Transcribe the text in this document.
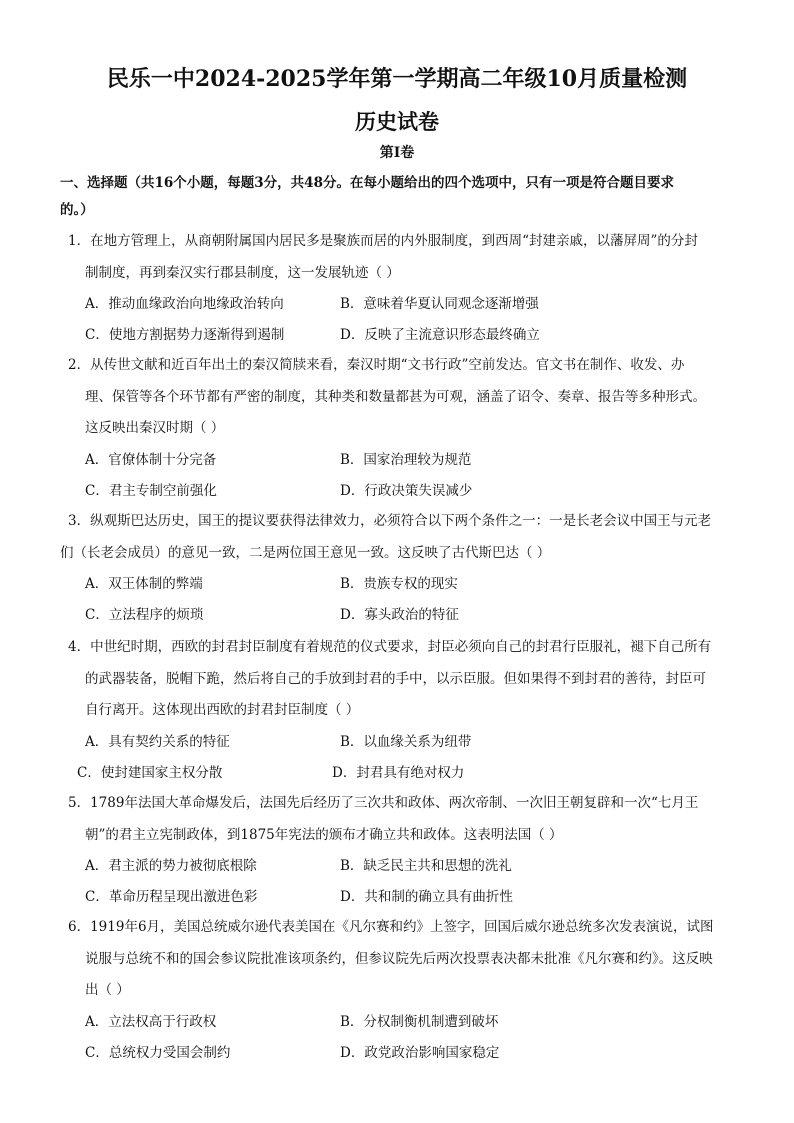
民乐一中2024-2025学年第一学期高二年级10月质量检测
历史试卷
第I卷
一、选择题（共16个小题，每题3分，共48分。在每小题给出的四个选项中，只有一项是符合题目要求
的。）
1．在地方管理上，从商朝附属国内居民多是聚族而居的内外服制度，到西周“封建亲戚，以藩屏周”的分封
制制度，再到秦汉实行郡县制度，这一发展轨迹（ ）
A．推动血缘政治向地缘政治转向	B．意味着华夏认同观念逐渐增强
C．使地方割据势力逐渐得到遏制	D．反映了主流意识形态最终确立
2．从传世文献和近百年出土的秦汉简牍来看，秦汉时期“文书行政”空前发达。官文书在制作、收发、办
理、保管等各个环节都有严密的制度，其种类和数量都甚为可观，涵盖了诏令、奏章、报告等多种形式。
这反映出秦汉时期（ ）
A．官僚体制十分完备	B．国家治理较为规范
C．君主专制空前强化	D．行政决策失误减少
3．纵观斯巴达历史，国王的提议要获得法律效力，必须符合以下两个条件之一：一是长老会议中国王与元老
们（长老会成员）的意见一致，二是两位国王意见一致。这反映了古代斯巴达（ ）
A．双王体制的弊端	B．贵族专权的现实
C．立法程序的烦琐	D．寡头政治的特征
4．中世纪时期，西欧的封君封臣制度有着规范的仪式要求，封臣必须向自己的封君行臣服礼，褪下自己所有
的武器装备，脱帽下跪，然后将自己的手放到封君的手中，以示臣服。但如果得不到封君的善待，封臣可
自行离开。这体现出西欧的封君封臣制度（ ）
A．具有契约关系的特征	B．以血缘关系为纽带
C．使封建国家主权分散	D．封君具有绝对权力
5．1789年法国大革命爆发后，法国先后经历了三次共和政体、两次帝制、一次旧王朝复辟和一次“七月王
朝”的君主立宪制政体，到1875年宪法的颁布才确立共和政体。这表明法国（ ）
A．君主派的势力被彻底根除	B．缺乏民主共和思想的洗礼
C．革命历程呈现出激进色彩	D．共和制的确立具有曲折性
6．1919年6月，美国总统威尔逊代表美国在《凡尔赛和约》上签字，回国后威尔逊总统多次发表演说，试图
说服与总统不和的国会参议院批准该项条约，但参议院先后两次投票表决都未批准《凡尔赛和约》。这反映
出（ ）
A．立法权高于行政权	B．分权制衡机制遭到破坏
C．总统权力受国会制约	D．政党政治影响国家稳定
